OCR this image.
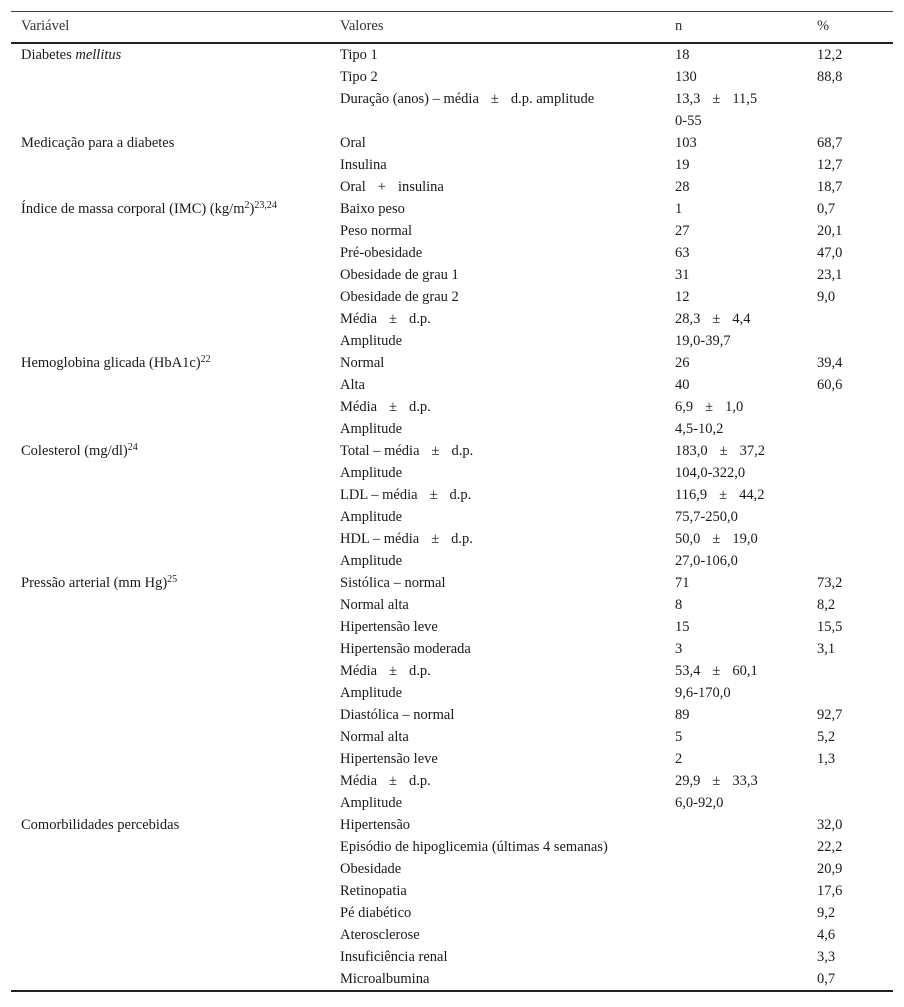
Variável	Valores	n	%
Diabetes mellitus	Tipo 1	18	12,2
	Tipo 2	130	88,8
	Duração (anos) – média ± d.p. amplitude	13,3 ± 11,5	
		0-55	
Medicação para a diabetes	Oral	103	68,7
	Insulina	19	12,7
	Oral + insulina	28	18,7
Índice de massa corporal (IMC) $(kg/m^2)^{23,24}$	Baixo peso	1	0,7
	Peso normal	27	20,1
	Pré-obesidade	63	47,0
	Obesidade de grau 1	31	23,1
	Obesidade de grau 2	12	9,0
	Média ± d.p.	28,3 ± 4,4	
	Amplitude	19,0-39,7	
Hemoglobina glicada $(HbA1c)^{22}$	Normal	26	39,4
	Alta	40	60,6
	Média ± d.p.	6,9 ± 1,0	
	Amplitude	4,5-10,2	
Colesterol $(mg/dl)^{24}$	Total – média ± d.p.	183,0 ± 37,2	
	Amplitude	104,0-322,0	
	LDL – média ± d.p.	116,9 ± 44,2	
	Amplitude	75,7-250,0	
	HDL – média ± d.p.	50,0 ± 19,0	
	Amplitude	27,0-106,0	
Pressão arterial (mm Hg)$^{25}$	Sistólica – normal	71	73,2
	Normal alta	8	8,2
	Hipertensão leve	15	15,5
	Hipertensão moderada	3	3,1
	Média ± d.p.	53,4 ± 60,1	
	Amplitude	9,6-170,0	
	Diastólica – normal	89	92,7
	Normal alta	5	5,2
	Hipertensão leve	2	1,3
	Média ± d.p.	29,9 ± 33,3	
	Amplitude	6,0-92,0	
Comorbilidades percebidas	Hipertensão		32,0
	Episódio de hipoglicemia (últimas 4 semanas)		22,2
	Obesidade		20,9
	Retinopatia		17,6
	Pé diabético		9,2
	Aterosclerose		4,6
	Insuficiência renal		3,3
	Microalbumina		0,7
